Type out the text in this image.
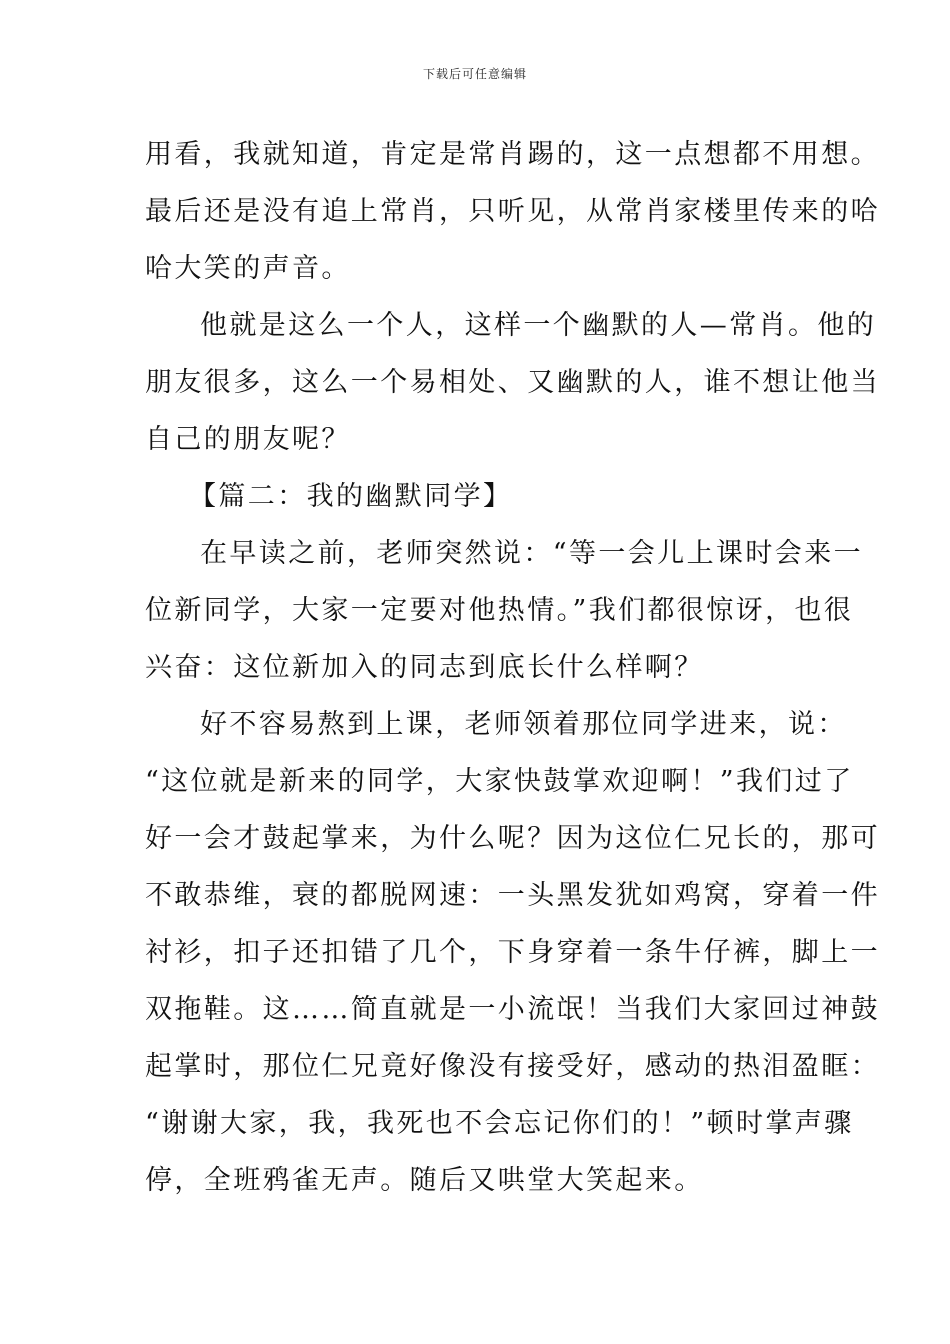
下载后可任意编辑

用看，我就知道，肯定是常肖踢的，这一点想都不用想。
最后还是没有追上常肖，只听见，从常肖家楼里传来的哈
哈大笑的声音。

他就是这么一个人，这样一个幽默的人—常肖。他的
朋友很多，这么一个易相处、又幽默的人，谁不想让他当
自己的朋友呢？

【篇二：我的幽默同学】

在早读之前，老师突然说：“等一会儿上课时会来一
位新同学，大家一定要对他热情。”我们都很惊讶，也很
兴奋：这位新加入的同志到底长什么样啊？

好不容易熬到上课，老师领着那位同学进来，说：
“这位就是新来的同学，大家快鼓掌欢迎啊！”我们过了
好一会才鼓起掌来，为什么呢？因为这位仁兄长的，那可
不敢恭维，衰的都脱网速：一头黑发犹如鸡窝，穿着一件
衬衫，扣子还扣错了几个，下身穿着一条牛仔裤，脚上一
双拖鞋。这……简直就是一小流氓！当我们大家回过神鼓
起掌时，那位仁兄竟好像没有接受好，感动的热泪盈眶：
“谢谢大家，我，我死也不会忘记你们的！”顿时掌声骤
停，全班鸦雀无声。随后又哄堂大笑起来。
